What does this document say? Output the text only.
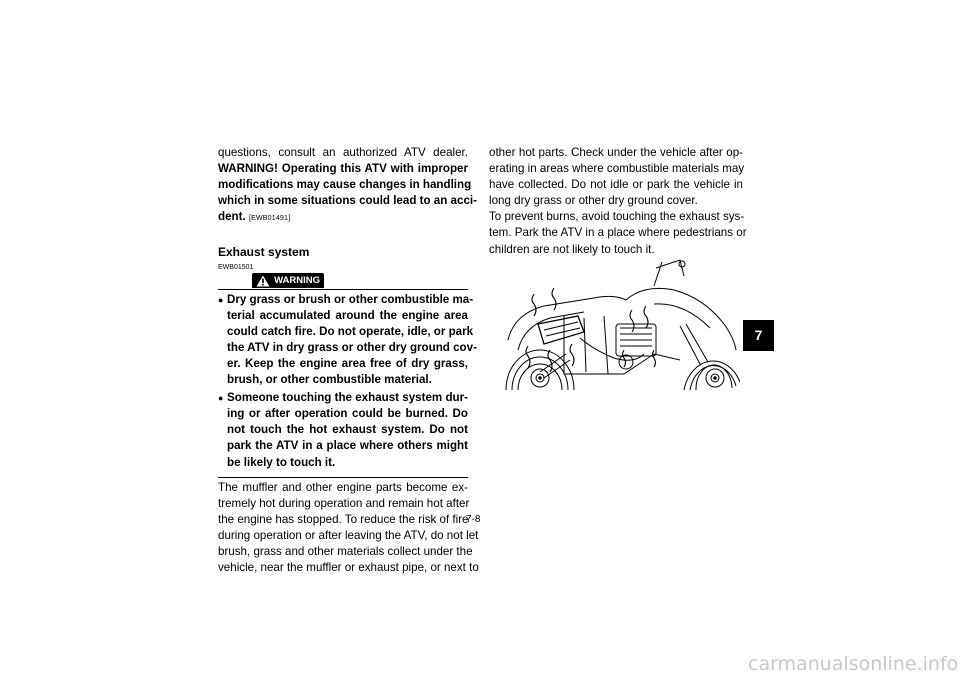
questions, consult an authorized ATV dealer.
WARNING! Operating this ATV with improper
modifications may cause changes in handling
which in some situations could lead to an acci-
dent. [EWB01491]
Exhaust system
EWB01501
WARNING
● Dry grass or brush or other combustible ma-
terial accumulated around the engine area
could catch fire. Do not operate, idle, or park
the ATV in dry grass or other dry ground cov-
er. Keep the engine area free of dry grass,
brush, or other combustible material.
● Someone touching the exhaust system dur-
ing or after operation could be burned. Do
not touch the hot exhaust system. Do not
park the ATV in a place where others might
be likely to touch it.
The muffler and other engine parts become ex-
tremely hot during operation and remain hot after
the engine has stopped. To reduce the risk of fire
during operation or after leaving the ATV, do not let
brush, grass and other materials collect under the
vehicle, near the muffler or exhaust pipe, or next to
other hot parts. Check under the vehicle after op-
erating in areas where combustible materials may
have collected. Do not idle or park the vehicle in
long dry grass or other dry ground cover.
To prevent burns, avoid touching the exhaust sys-
tem. Park the ATV in a place where pedestrians or
children are not likely to touch it.
7
7-8
carmanualsonline.info
